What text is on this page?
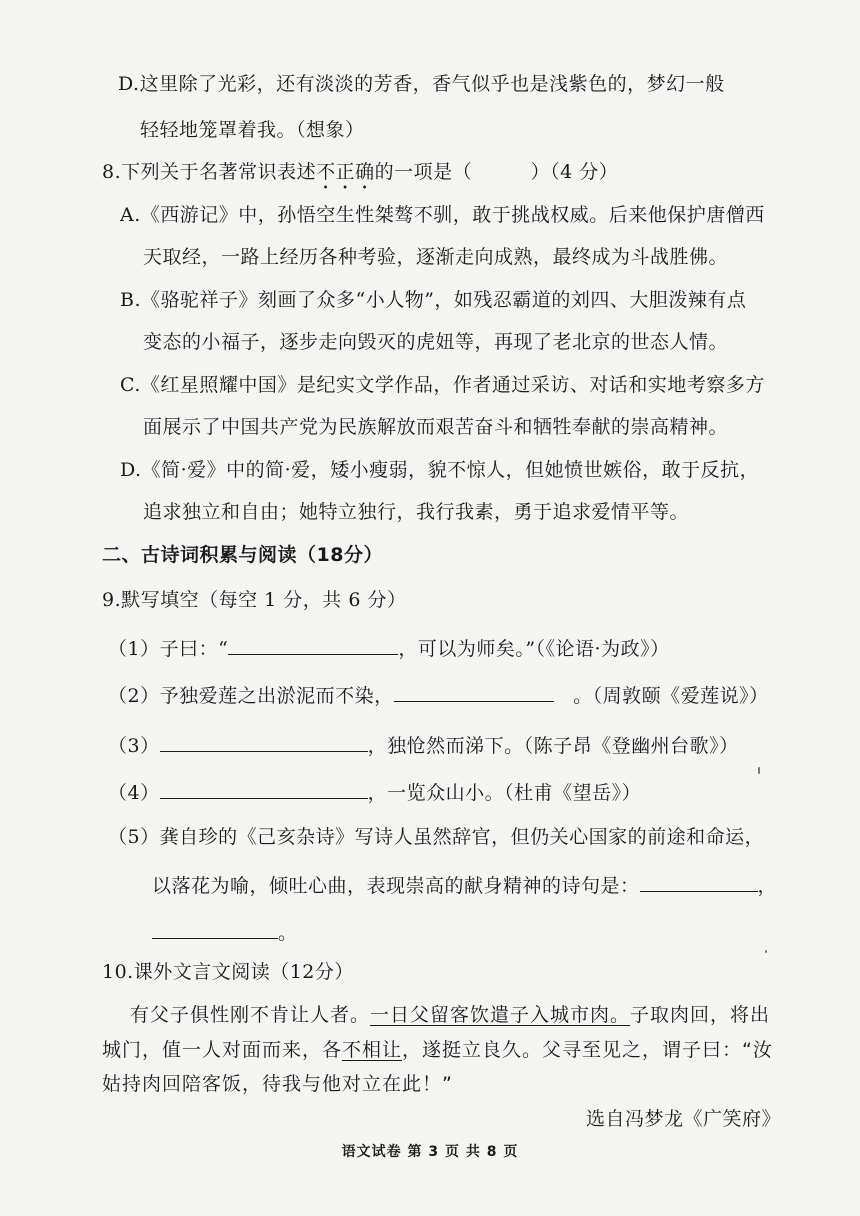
D.这里除了光彩，还有淡淡的芳香，香气似乎也是浅紫色的，梦幻一般
轻轻地笼罩着我。（想象）
8.下列关于名著常识表述不正确的一项是（　　　）（4 分）
A.《西游记》中，孙悟空生性桀骜不驯，敢于挑战权威。后来他保护唐僧西
天取经，一路上经历各种考验，逐渐走向成熟，最终成为斗战胜佛。
B.《骆驼祥子》刻画了众多“小人物”，如残忍霸道的刘四、大胆泼辣有点
变态的小福子，逐步走向毁灭的虎妞等，再现了老北京的世态人情。
C.《红星照耀中国》是纪实文学作品，作者通过采访、对话和实地考察多方
面展示了中国共产党为民族解放而艰苦奋斗和牺牲奉献的崇高精神。
D.《简·爱》中的简·爱，矮小瘦弱，貌不惊人，但她愤世嫉俗，敢于反抗，
追求独立和自由；她特立独行，我行我素，勇于追求爱情平等。
二、古诗词积累与阅读（18分）
9.默写填空（每空 1 分，共 6 分）
（1）子曰：“	，可以为师矣。”（《论语·为政》）
（2）予独爱莲之出淤泥而不染，　	。（周敦颐《爱莲说》）
（3）	，独怆然而涕下。（陈子昂《登幽州台歌》）
（4）	，一览众山小。（杜甫《望岳》）
（5）龚自珍的《己亥杂诗》写诗人虽然辞官，但仍关心国家的前途和命运，
以落花为喻，倾吐心曲，表现崇高的献身精神的诗句是：	，
。
10.课外文言文阅读（12分）
有父子俱性刚不肯让人者。一日父留客饮遣子入城市肉。子取肉回，将出
城门，值一人对面而来，各不相让，遂挺立良久。父寻至见之，谓子曰：“汝
姑持肉回陪客饭，待我与他对立在此！”
选自冯梦龙《广笑府》
语文试卷 第 3 页 共 8 页
